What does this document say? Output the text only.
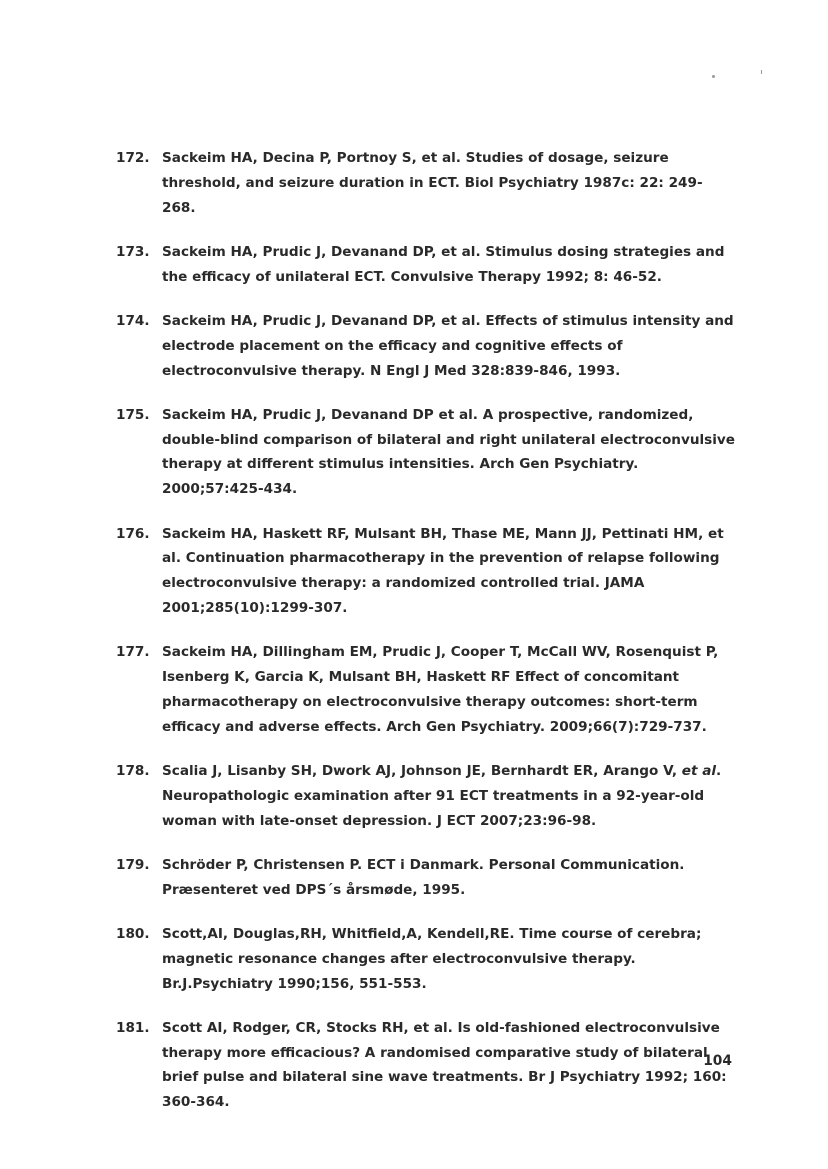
172. Sackeim HA, Decina P, Portnoy S, et al. Studies of dosage, seizure threshold, and seizure duration in ECT. Biol Psychiatry 1987c: 22: 249-268.
173. Sackeim HA, Prudic J, Devanand DP, et al. Stimulus dosing strategies and the efficacy of unilateral ECT. Convulsive Therapy 1992; 8: 46-52.
174. Sackeim HA, Prudic J, Devanand DP, et al. Effects of stimulus intensity and electrode placement on the efficacy and cognitive effects of electroconvulsive therapy. N Engl J Med 328:839-846, 1993.
175. Sackeim HA, Prudic J, Devanand DP et al. A prospective, randomized, double-blind comparison of bilateral and right unilateral electroconvulsive therapy at different stimulus intensities. Arch Gen Psychiatry. 2000;57:425-434.
176. Sackeim HA, Haskett RF, Mulsant BH, Thase ME, Mann JJ, Pettinati HM, et al. Continuation pharmacotherapy in the prevention of relapse following electroconvulsive therapy: a randomized controlled trial. JAMA 2001;285(10):1299-307.
177. Sackeim HA, Dillingham EM, Prudic J, Cooper T, McCall WV, Rosenquist P, Isenberg K, Garcia K, Mulsant BH, Haskett RF Effect of concomitant pharmacotherapy on electroconvulsive therapy outcomes: short-term efficacy and adverse effects. Arch Gen Psychiatry. 2009;66(7):729-737.
178. Scalia J, Lisanby SH, Dwork AJ, Johnson JE, Bernhardt ER, Arango V, et al. Neuropathologic examination after 91 ECT treatments in a 92-year-old woman with late-onset depression. J ECT 2007;23:96-98.
179. Schröder P, Christensen P. ECT i Danmark. Personal Communication. Præsenteret ved DPS´s årsmøde, 1995.
180. Scott,AI, Douglas,RH, Whitfield,A, Kendell,RE. Time course of cerebra; magnetic resonance changes after electroconvulsive therapy. Br.J.Psychiatry 1990;156, 551-553.
181. Scott AI, Rodger, CR, Stocks RH, et al. Is old-fashioned electroconvulsive therapy more efficacious? A randomised comparative study of bilateral brief pulse and bilateral sine wave treatments. Br J Psychiatry 1992; 160: 360-364.
104
